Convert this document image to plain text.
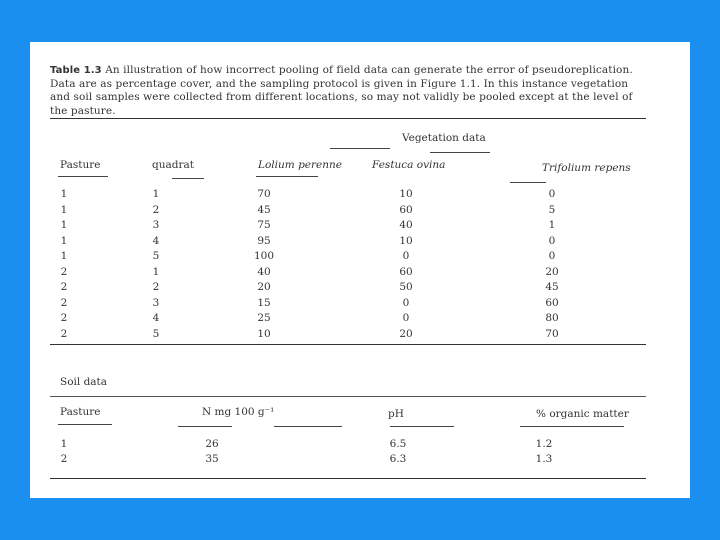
Table 1.3 An illustration of how incorrect pooling of field data can generate the error of pseudoreplication. Data are as percentage cover, and the sampling protocol is given in Figure 1.1. In this instance vegetation and soil samples were collected from different locations, so may not validly be pooled except at the level of the pasture.
Vegetation data
Pasture	quadrat	Lolium perenne	Festuca ovina	Trifolium repens
1	1	70	10	0
1	2	45	60	5
1	3	75	40	1
1	4	95	10	0
1	5	100	0	0
2	1	40	60	20
2	2	20	50	45
2	3	15	0	60
2	4	25	0	80
2	5	10	20	70
Soil data
Pasture	N mg 100 g⁻¹	pH	% organic matter
1	26	6.5	1.2
2	35	6.3	1.3
